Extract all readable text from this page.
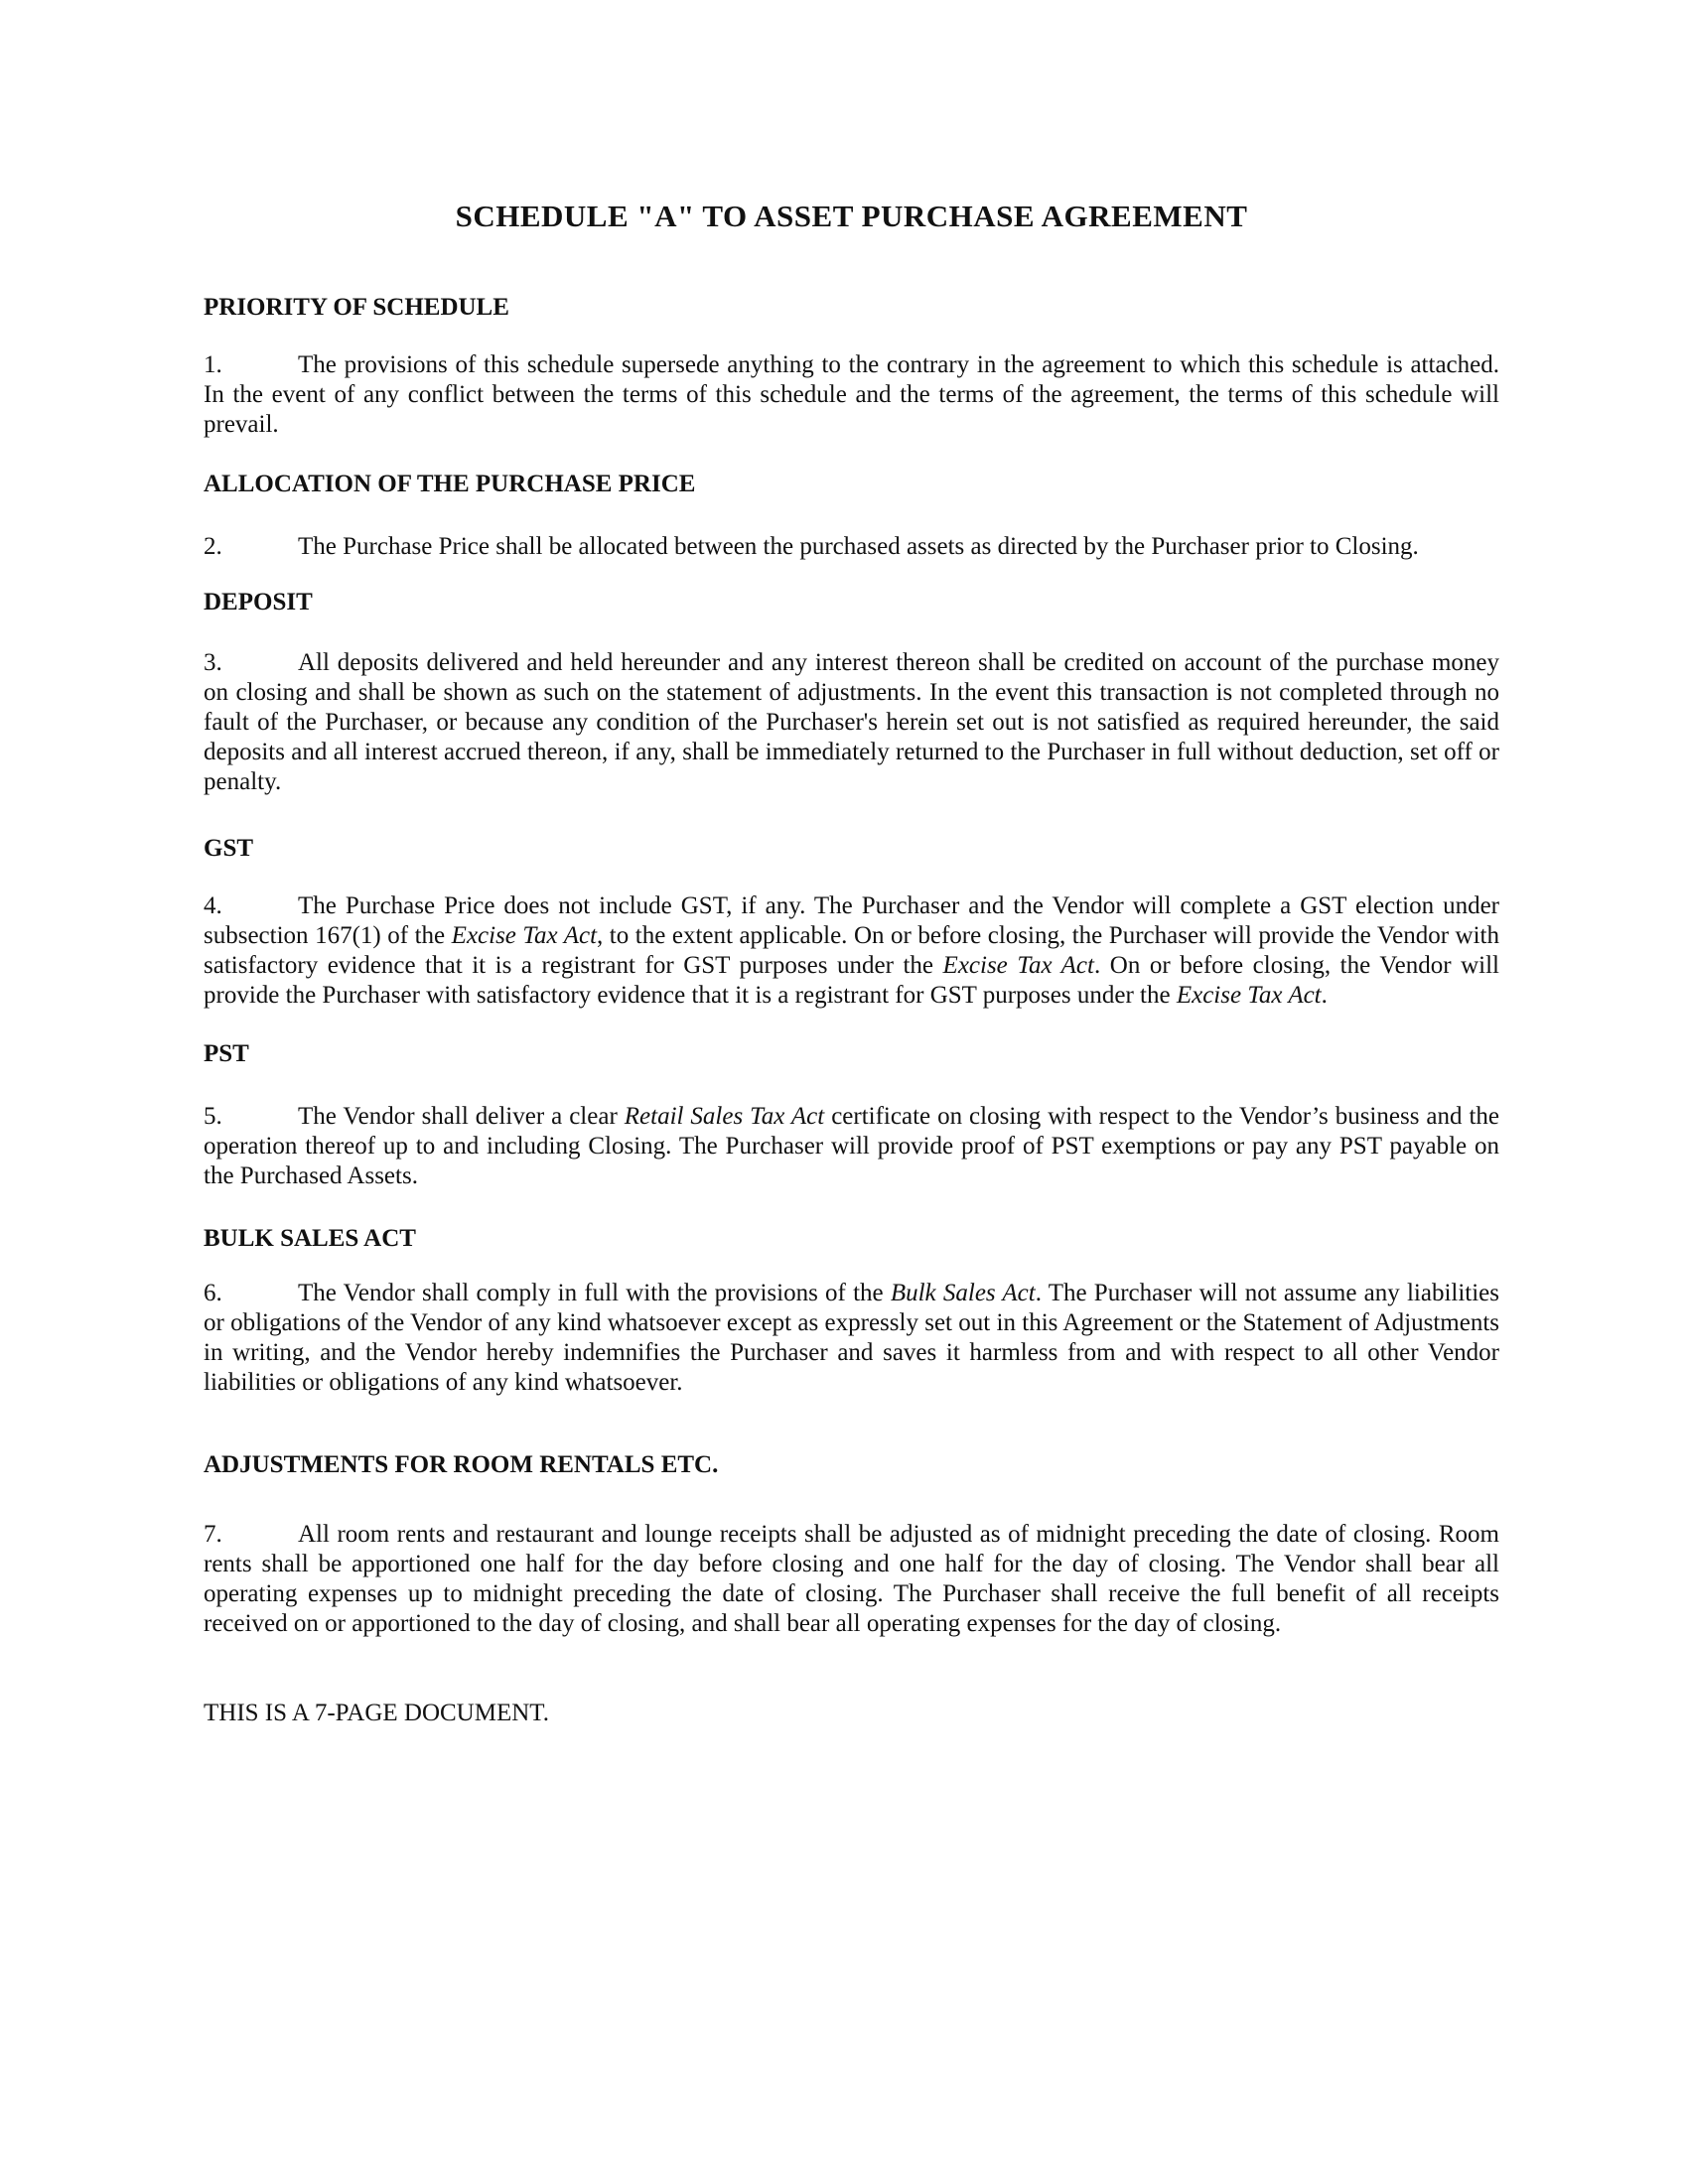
SCHEDULE "A" TO ASSET PURCHASE AGREEMENT
PRIORITY OF SCHEDULE

1.	The provisions of this schedule supersede anything to the contrary in the agreement to which this schedule is attached. In the event of any conflict between the terms of this schedule and the terms of the agreement, the terms of this schedule will prevail.

ALLOCATION OF THE PURCHASE PRICE

2.	The Purchase Price shall be allocated between the purchased assets as directed by the Purchaser prior to Closing.

DEPOSIT

3.	All deposits delivered and held hereunder and any interest thereon shall be credited on account of the purchase money on closing and shall be shown as such on the statement of adjustments. In the event this transaction is not completed through no fault of the Purchaser, or because any condition of the Purchaser's herein set out is not satisfied as required hereunder, the said deposits and all interest accrued thereon, if any, shall be immediately returned to the Purchaser in full without deduction, set off or penalty.

GST

4.	The Purchase Price does not include GST, if any. The Purchaser and the Vendor will complete a GST election under subsection 167(1) of the Excise Tax Act, to the extent applicable. On or before closing, the Purchaser will provide the Vendor with satisfactory evidence that it is a registrant for GST purposes under the Excise Tax Act. On or before closing, the Vendor will provide the Purchaser with satisfactory evidence that it is a registrant for GST purposes under the Excise Tax Act.

PST

5.	The Vendor shall deliver a clear Retail Sales Tax Act certificate on closing with respect to the Vendor’s business and the operation thereof up to and including Closing. The Purchaser will provide proof of PST exemptions or pay any PST payable on the Purchased Assets.

BULK SALES ACT

6.	The Vendor shall comply in full with the provisions of the Bulk Sales Act. The Purchaser will not assume any liabilities or obligations of the Vendor of any kind whatsoever except as expressly set out in this Agreement or the Statement of Adjustments in writing, and the Vendor hereby indemnifies the Purchaser and saves it harmless from and with respect to all other Vendor liabilities or obligations of any kind whatsoever.

ADJUSTMENTS FOR ROOM RENTALS ETC.

7.	All room rents and restaurant and lounge receipts shall be adjusted as of midnight preceding the date of closing. Room rents shall be apportioned one half for the day before closing and one half for the day of closing. The Vendor shall bear all operating expenses up to midnight preceding the date of closing. The Purchaser shall receive the full benefit of all receipts received on or apportioned to the day of closing, and shall bear all operating expenses for the day of closing.

THIS IS A 7-PAGE DOCUMENT.
